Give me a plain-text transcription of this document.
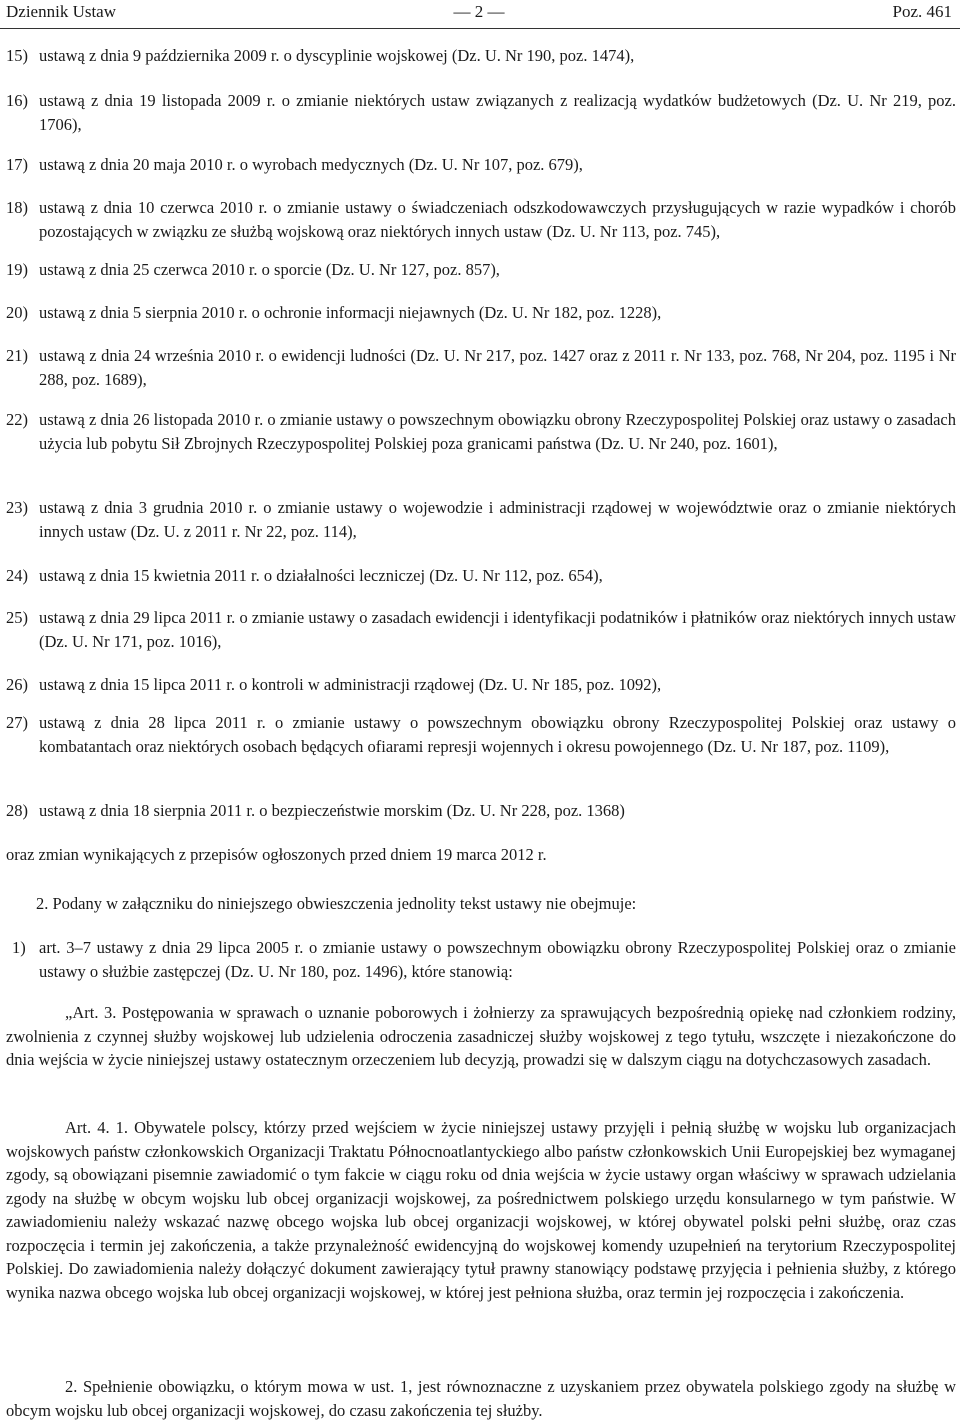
Dziennik Ustaw	— 2 —	Poz. 461
15) ustawą z dnia 9 października 2009 r. o dyscyplinie wojskowej (Dz. U. Nr 190, poz. 1474),
16) ustawą z dnia 19 listopada 2009 r. o zmianie niektórych ustaw związanych z realizacją wydatków budżetowych (Dz. U. Nr 219, poz. 1706),
17) ustawą z dnia 20 maja 2010 r. o wyrobach medycznych (Dz. U. Nr 107, poz. 679),
18) ustawą z dnia 10 czerwca 2010 r. o zmianie ustawy o świadczeniach odszkodowawczych przysługujących w razie wypadków i chorób pozostających w związku ze służbą wojskową oraz niektórych innych ustaw (Dz. U. Nr 113, poz. 745),
19) ustawą z dnia 25 czerwca 2010 r. o sporcie (Dz. U. Nr 127, poz. 857),
20) ustawą z dnia 5 sierpnia 2010 r. o ochronie informacji niejawnych (Dz. U. Nr 182, poz. 1228),
21) ustawą z dnia 24 września 2010 r. o ewidencji ludności (Dz. U. Nr 217, poz. 1427 oraz z 2011 r. Nr 133, poz. 768, Nr 204, poz. 1195 i Nr 288, poz. 1689),
22) ustawą z dnia 26 listopada 2010 r. o zmianie ustawy o powszechnym obowiązku obrony Rzeczypospolitej Polskiej oraz ustawy o zasadach użycia lub pobytu Sił Zbrojnych Rzeczypospolitej Polskiej poza granicami państwa (Dz. U. Nr 240, poz. 1601),
23) ustawą z dnia 3 grudnia 2010 r. o zmianie ustawy o wojewodzie i administracji rządowej w województwie oraz o zmianie niektórych innych ustaw (Dz. U. z 2011 r. Nr 22, poz. 114),
24) ustawą z dnia 15 kwietnia 2011 r. o działalności leczniczej (Dz. U. Nr 112, poz. 654),
25) ustawą z dnia 29 lipca 2011 r. o zmianie ustawy o zasadach ewidencji i identyfikacji podatników i płatników oraz niektórych innych ustaw (Dz. U. Nr 171, poz. 1016),
26) ustawą z dnia 15 lipca 2011 r. o kontroli w administracji rządowej (Dz. U. Nr 185, poz. 1092),
27) ustawą z dnia 28 lipca 2011 r. o zmianie ustawy o powszechnym obowiązku obrony Rzeczypospolitej Polskiej oraz ustawy o kombatantach oraz niektórych osobach będących ofiarami represji wojennych i okresu powojennego (Dz. U. Nr 187, poz. 1109),
28) ustawą z dnia 18 sierpnia 2011 r. o bezpieczeństwie morskim (Dz. U. Nr 228, poz. 1368)
oraz zmian wynikających z przepisów ogłoszonych przed dniem 19 marca 2012 r.
2. Podany w załączniku do niniejszego obwieszczenia jednolity tekst ustawy nie obejmuje:
1) art. 3–7 ustawy z dnia 29 lipca 2005 r. o zmianie ustawy o powszechnym obowiązku obrony Rzeczypospolitej Polskiej oraz o zmianie ustawy o służbie zastępczej (Dz. U. Nr 180, poz. 1496), które stanowią:
„Art. 3. Postępowania w sprawach o uznanie poborowych i żołnierzy za sprawujących bezpośrednią opiekę nad członkiem rodziny, zwolnienia z czynnej służby wojskowej lub udzielenia odroczenia zasadniczej służby wojskowej z tego tytułu, wszczęte i niezakończone do dnia wejścia w życie niniejszej ustawy ostatecznym orzeczeniem lub decyzją, prowadzi się w dalszym ciągu na dotychczasowych zasadach.
Art. 4. 1. Obywatele polscy, którzy przed wejściem w życie niniejszej ustawy przyjęli i pełnią służbę w wojsku lub organizacjach wojskowych państw członkowskich Organizacji Traktatu Północnoatlantyckiego albo państw członkowskich Unii Europejskiej bez wymaganej zgody, są obowiązani pisemnie zawiadomić o tym fakcie w ciągu roku od dnia wejścia w życie ustawy organ właściwy w sprawach udzielania zgody na służbę w obcym wojsku lub obcej organizacji wojskowej, za pośrednictwem polskiego urzędu konsularnego w tym państwie. W zawiadomieniu należy wskazać nazwę obcego wojska lub obcej organizacji wojskowej, w której obywatel polski pełni służbę, oraz czas rozpoczęcia i termin jej zakończenia, a także przynależność ewidencyjną do wojskowej komendy uzupełnień na terytorium Rzeczypospolitej Polskiej. Do zawiadomienia należy dołączyć dokument zawierający tytuł prawny stanowiący podstawę przyjęcia i pełnienia służby, z którego wynika nazwa obcego wojska lub obcej organizacji wojskowej, w której jest pełniona służba, oraz termin jej rozpoczęcia i zakończenia.
2. Spełnienie obowiązku, o którym mowa w ust. 1, jest równoznaczne z uzyskaniem przez obywatela polskiego zgody na służbę w obcym wojsku lub obcej organizacji wojskowej, do czasu zakończenia tej służby.
